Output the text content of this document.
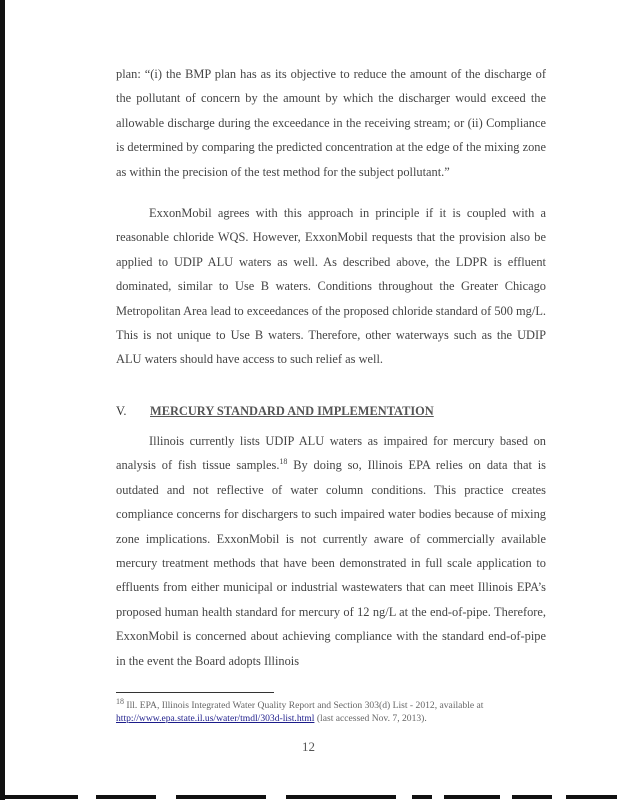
plan: “(i) the BMP plan has as its objective to reduce the amount of the discharge of the pollutant of concern by the amount by which the discharger would exceed the allowable discharge during the exceedance in the receiving stream; or (ii) Compliance is determined by comparing the predicted concentration at the edge of the mixing zone as within the precision of the test method for the subject pollutant.”

ExxonMobil agrees with this approach in principle if it is coupled with a reasonable chloride WQS. However, ExxonMobil requests that the provision also be applied to UDIP ALU waters as well. As described above, the LDPR is effluent dominated, similar to Use B waters. Conditions throughout the Greater Chicago Metropolitan Area lead to exceedances of the proposed chloride standard of 500 mg/L. This is not unique to Use B waters. Therefore, other waterways such as the UDIP ALU waters should have access to such relief as well.

V. MERCURY STANDARD AND IMPLEMENTATION

Illinois currently lists UDIP ALU waters as impaired for mercury based on analysis of fish tissue samples.$^{18}$ By doing so, Illinois EPA relies on data that is outdated and not reflective of water column conditions. This practice creates compliance concerns for dischargers to such impaired water bodies because of mixing zone implications. ExxonMobil is not currently aware of commercially available mercury treatment methods that have been demonstrated in full scale application to effluents from either municipal or industrial wastewaters that can meet Illinois EPA’s proposed human health standard for mercury of 12 ng/L at the end-of-pipe. Therefore, ExxonMobil is concerned about achieving compliance with the standard end-of-pipe in the event the Board adopts Illinois

$^{18}$ Ill. EPA, Illinois Integrated Water Quality Report and Section 303(d) List - 2012, available at
http://www.epa.state.il.us/water/tmdl/303d-list.html (last accessed Nov. 7, 2013).

12
